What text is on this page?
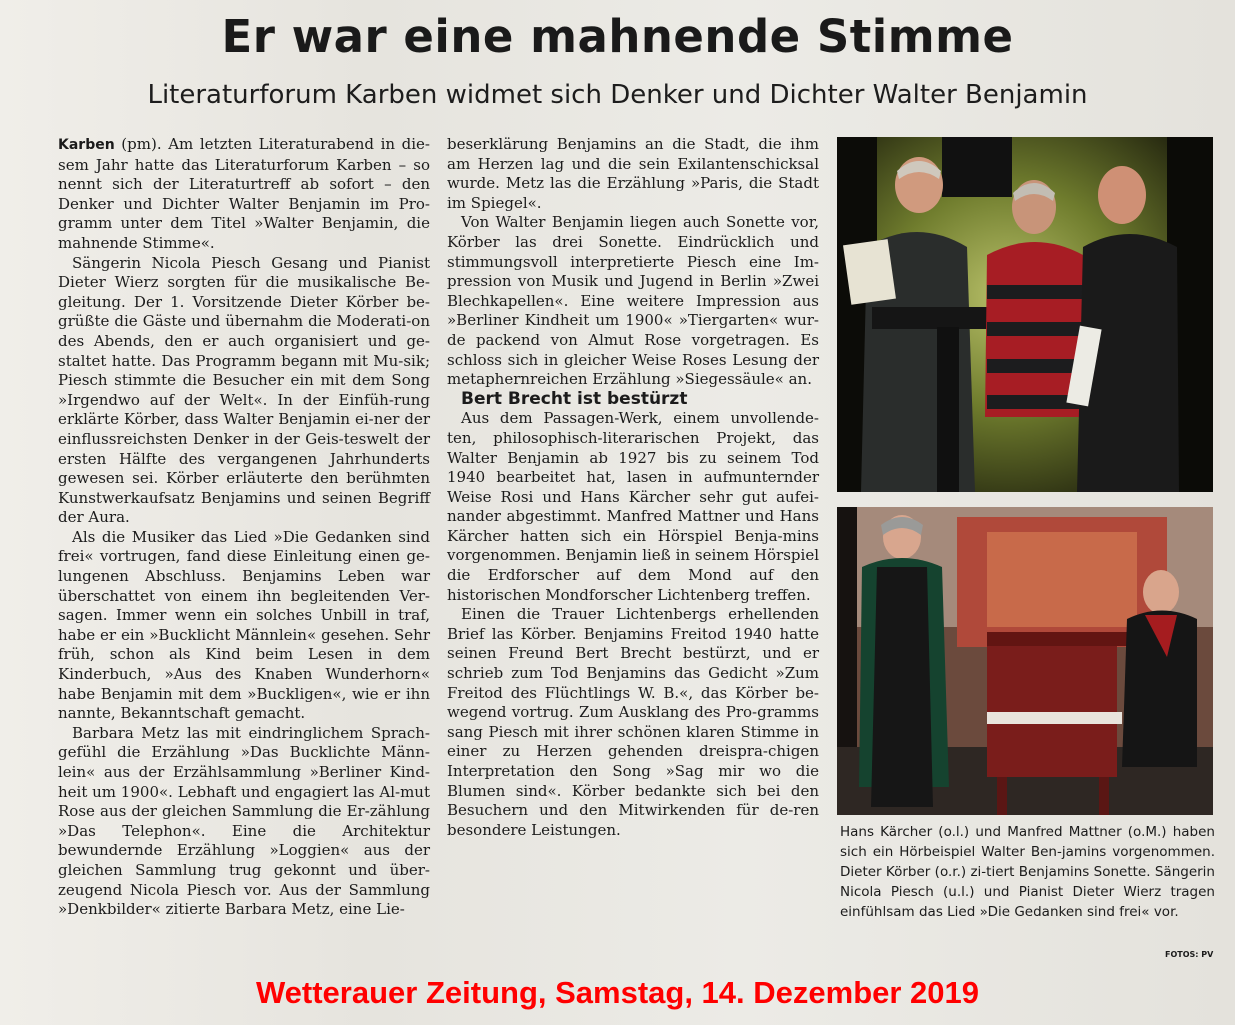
Er war eine mahnende Stimme
Literaturforum Karben widmet sich Denker und Dichter Walter Benjamin

Karben (pm). Am letzten Literaturabend in die-sem Jahr hatte das Literaturforum Karben – so nennt sich der Literaturtreff ab sofort – den Denker und Dichter Walter Benjamin im Pro-gramm unter dem Titel »Walter Benjamin, die mahnende Stimme«.

Sängerin Nicola Piesch Gesang und Pianist Dieter Wierz sorgten für die musikalische Be-gleitung. Der 1. Vorsitzende Dieter Körber be-grüßte die Gäste und übernahm die Moderati-on des Abends, den er auch organisiert und ge-staltet hatte. Das Programm begann mit Mu-sik; Piesch stimmte die Besucher ein mit dem Song »Irgendwo auf der Welt«. In der Einfüh-rung erklärte Körber, dass Walter Benjamin ei-ner der einflussreichsten Denker in der Geis-teswelt der ersten Hälfte des vergangenen Jahrhunderts gewesen sei. Körber erläuterte den berühmten Kunstwerkaufsatz Benjamins und seinen Begriff der Aura.

Als die Musiker das Lied »Die Gedanken sind frei« vortrugen, fand diese Einleitung einen ge-lungenen Abschluss. Benjamins Leben war überschattet von einem ihn begleitenden Ver-sagen. Immer wenn ein solches Unbill in traf, habe er ein »Bucklicht Männlein« gesehen. Sehr früh, schon als Kind beim Lesen in dem Kinderbuch, »Aus des Knaben Wunderhorn« habe Benjamin mit dem »Buckligen«, wie er ihn nannte, Bekanntschaft gemacht.

Barbara Metz las mit eindringlichem Sprach-gefühl die Erzählung »Das Bucklichte Männ-lein« aus der Erzählsammlung »Berliner Kind-heit um 1900«. Lebhaft und engagiert las Al-mut Rose aus der gleichen Sammlung die Er-zählung »Das Telephon«. Eine die Architektur bewundernde Erzählung »Loggien« aus der gleichen Sammlung trug gekonnt und über-zeugend Nicola Piesch vor. Aus der Sammlung »Denkbilder« zitierte Barbara Metz, eine Lie-

beserklärung Benjamins an die Stadt, die ihm am Herzen lag und die sein Exilantenschicksal wurde. Metz las die Erzählung »Paris, die Stadt im Spiegel«.

Von Walter Benjamin liegen auch Sonette vor, Körber las drei Sonette. Eindrücklich und stimmungsvoll interpretierte Piesch eine Im-pression von Musik und Jugend in Berlin »Zwei Blechkapellen«. Eine weitere Impression aus »Berliner Kindheit um 1900« »Tiergarten« wur-de packend von Almut Rose vorgetragen. Es schloss sich in gleicher Weise Roses Lesung der metaphernreichen Erzählung »Siegessäule« an.

Bert Brecht ist bestürzt

Aus dem Passagen-Werk, einem unvollende-ten, philosophisch-literarischen Projekt, das Walter Benjamin ab 1927 bis zu seinem Tod 1940 bearbeitet hat, lasen in aufmunternder Weise Rosi und Hans Kärcher sehr gut aufei-nander abgestimmt. Manfred Mattner und Hans Kärcher hatten sich ein Hörspiel Benja-mins vorgenommen. Benjamin ließ in seinem Hörspiel die Erdforscher auf dem Mond auf den historischen Mondforscher Lichtenberg treffen.

Einen die Trauer Lichtenbergs erhellenden Brief las Körber. Benjamins Freitod 1940 hatte seinen Freund Bert Brecht bestürzt, und er schrieb zum Tod Benjamins das Gedicht »Zum Freitod des Flüchtlings W. B.«, das Körber be-wegend vortrug. Zum Ausklang des Pro-gramms sang Piesch mit ihrer schönen klaren Stimme in einer zu Herzen gehenden dreispra-chigen Interpretation den Song »Sag mir wo die Blumen sind«. Körber bedankte sich bei den Besuchern und den Mitwirkenden für de-ren besondere Leistungen.	Hans Kärcher (o.l.) und Manfred Mattner (o.M.) haben sich ein Hörbeispiel Walter Ben-jamins vorgenommen. Dieter Körber (o.r.) zi-tiert Benjamins Sonette. Sängerin Nicola Piesch (u.l.) und Pianist Dieter Wierz tragen einfühlsam das Lied »Die Gedanken sind frei« vor.
FOTOS: PV
Wetterauer Zeitung, Samstag, 14. Dezember 2019
